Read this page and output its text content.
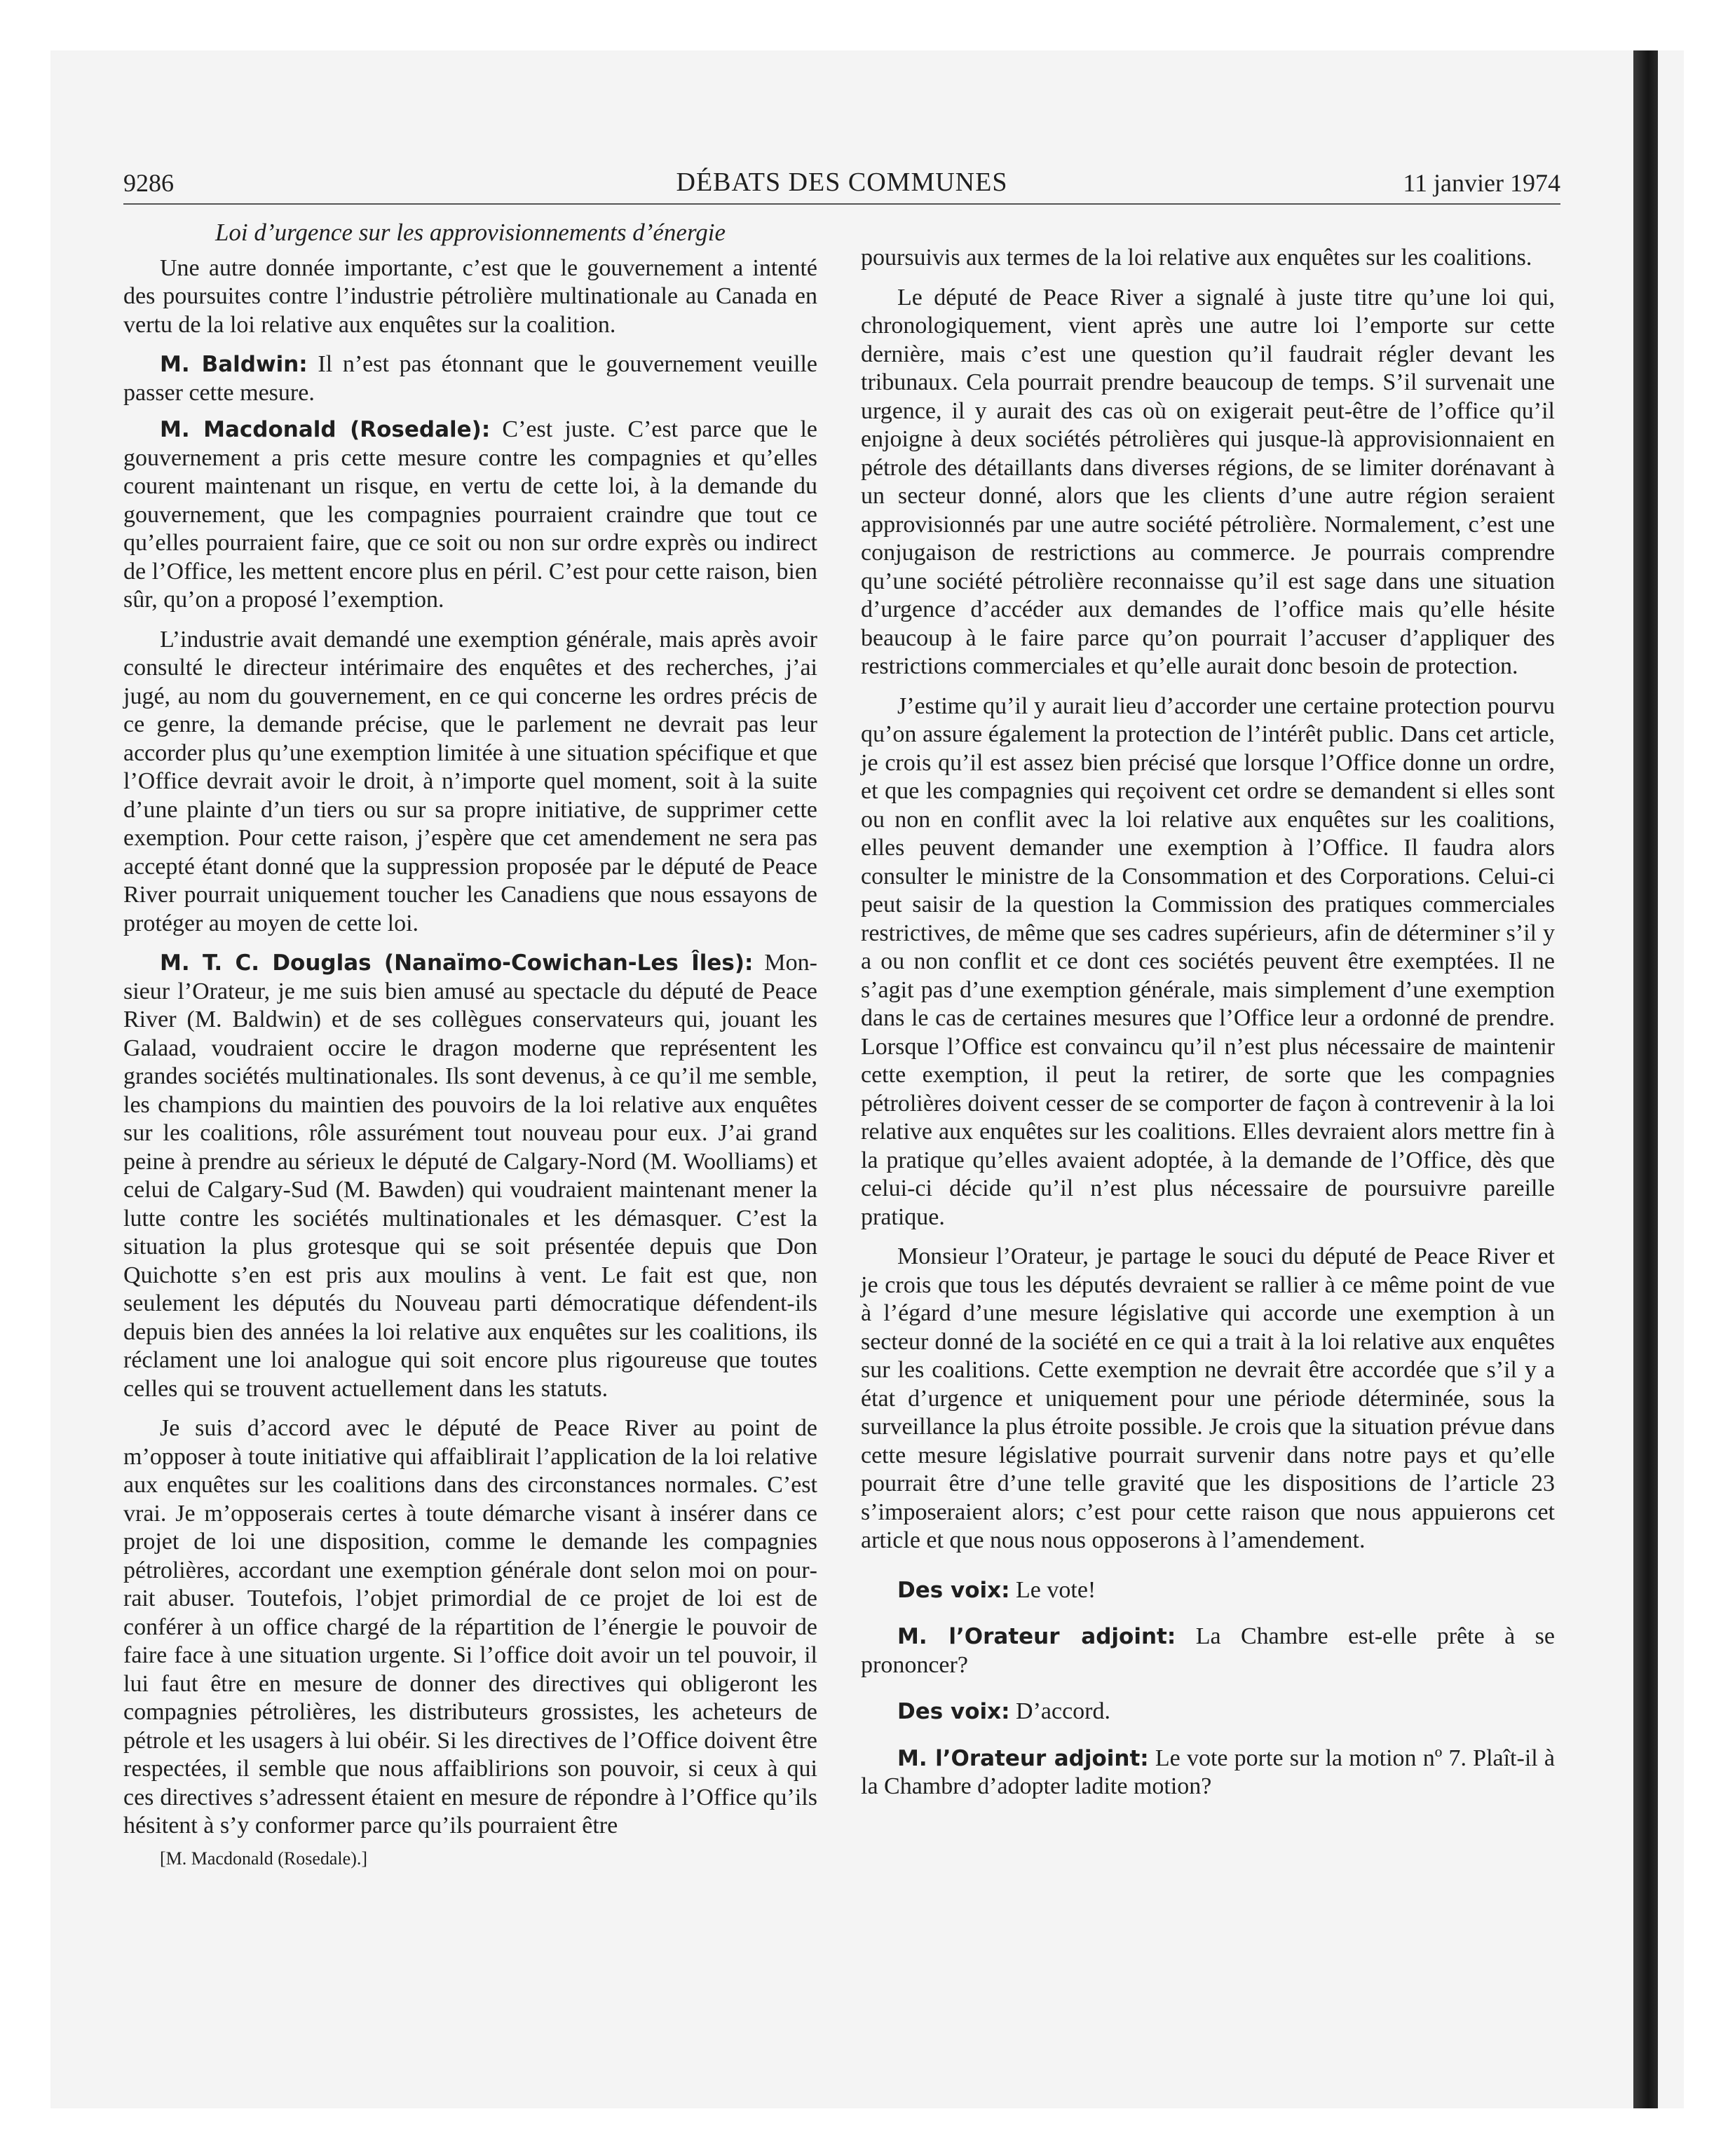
9286	DÉBATS DES COMMUNES	11 janvier 1974
Loi d’urgence sur les approvisionnements d’énergie

Une autre donnée importante, c’est que le gouvernement a intenté des poursuites contre l’industrie pétrolière multinationale au Canada en vertu de la loi relative aux enquêtes sur la coalition.

M. Baldwin: Il n’est pas étonnant que le gouvernement veuille passer cette mesure.

M. Macdonald (Rosedale): C’est juste. C’est parce que le gouvernement a pris cette mesure contre les compagnies et qu’elles courent maintenant un risque, en vertu de cette loi, à la demande du gouvernement, que les compagnies pourraient craindre que tout ce qu’elles pourraient faire, que ce soit ou non sur ordre exprès ou indirect de l’Office, les mettent encore plus en péril. C’est pour cette raison, bien sûr, qu’on a proposé l’exemption.

L’industrie avait demandé une exemption générale, mais après avoir consulté le directeur intérimaire des enquêtes et des recherches, j’ai jugé, au nom du gouvernement, en ce qui concerne les ordres précis de ce genre, la demande précise, que le parlement ne devrait pas leur accorder plus qu’une exemption limitée à une situation spécifique et que l’Office devrait avoir le droit, à n’importe quel moment, soit à la suite d’une plainte d’un tiers ou sur sa propre initiative, de supprimer cette exemption. Pour cette raison, j’espère que cet amendement ne sera pas accepté étant donné que la suppression proposée par le député de Peace River pourrait uniquement toucher les Canadiens que nous essayons de protéger au moyen de cette loi.

M. T. C. Douglas (Nanaïmo-Cowichan-Les Îles): Monsieur l’Orateur, je me suis bien amusé au spectacle du député de Peace River (M. Baldwin) et de ses collègues conservateurs qui, jouant les Galaad, voudraient occire le dragon moderne que représentent les grandes sociétés multinationales. Ils sont devenus, à ce qu’il me semble, les champions du maintien des pouvoirs de la loi relative aux enquêtes sur les coalitions, rôle assurément tout nouveau pour eux. J’ai grand peine à prendre au sérieux le député de Calgary-Nord (M. Woolliams) et celui de Calgary-Sud (M. Bawden) qui voudraient maintenant mener la lutte contre les sociétés multinationales et les démasquer. C’est la situation la plus grotesque qui se soit présentée depuis que Don Quichotte s’en est pris aux moulins à vent. Le fait est que, non seulement les députés du Nouveau parti démocratique défendent-ils depuis bien des années la loi relative aux enquêtes sur les coalitions, ils réclament une loi analogue qui soit encore plus rigoureuse que toutes celles qui se trouvent actuellement dans les statuts.

Je suis d’accord avec le député de Peace River au point de m’opposer à toute initiative qui affaiblirait l’application de la loi relative aux enquêtes sur les coalitions dans des circonstances normales. C’est vrai. Je m’opposerais certes à toute démarche visant à insérer dans ce projet de loi une disposition, comme le demande les compagnies pétrolières, accordant une exemption générale dont selon moi on pourrait abuser. Toutefois, l’objet primordial de ce projet de loi est de conférer à un office chargé de la répartition de l’énergie le pouvoir de faire face à une situation urgente. Si l’office doit avoir un tel pouvoir, il lui faut être en mesure de donner des directives qui obligeront les compagnies pétrolières, les distributeurs grossistes, les acheteurs de pétrole et les usagers à lui obéir. Si les directives de l’Office doivent être respectées, il semble que nous affaiblirions son pouvoir, si ceux à qui ces directives s’adressent étaient en mesure de répondre à l’Office qu’ils hésitent à s’y conformer parce qu’ils pourraient être

[M. Macdonald (Rosedale).]

poursuivis aux termes de la loi relative aux enquêtes sur les coalitions.

Le député de Peace River a signalé à juste titre qu’une loi qui, chronologiquement, vient après une autre loi l’emporte sur cette dernière, mais c’est une question qu’il faudrait régler devant les tribunaux. Cela pourrait prendre beaucoup de temps. S’il survenait une urgence, il y aurait des cas où on exigerait peut-être de l’office qu’il enjoigne à deux sociétés pétrolières qui jusque-là approvisionnaient en pétrole des détaillants dans diverses régions, de se limiter dorénavant à un secteur donné, alors que les clients d’une autre région seraient approvisionnés par une autre société pétrolière. Normalement, c’est une conjugaison de restrictions au commerce. Je pourrais comprendre qu’une société pétrolière reconnaisse qu’il est sage dans une situation d’urgence d’accéder aux demandes de l’office mais qu’elle hésite beaucoup à le faire parce qu’on pourrait l’accuser d’appliquer des restrictions commerciales et qu’elle aurait donc besoin de protection.

J’estime qu’il y aurait lieu d’accorder une certaine protection pourvu qu’on assure également la protection de l’intérêt public. Dans cet article, je crois qu’il est assez bien précisé que lorsque l’Office donne un ordre, et que les compagnies qui reçoivent cet ordre se demandent si elles sont ou non en conflit avec la loi relative aux enquêtes sur les coalitions, elles peuvent demander une exemption à l’Office. Il faudra alors consulter le ministre de la Consommation et des Corporations. Celui-ci peut saisir de la question la Commission des pratiques commerciales restrictives, de même que ses cadres supérieurs, afin de déterminer s’il y a ou non conflit et ce dont ces sociétés peuvent être exemptées. Il ne s’agit pas d’une exemption générale, mais simplement d’une exemption dans le cas de certaines mesures que l’Office leur a ordonné de prendre. Lorsque l’Office est convaincu qu’il n’est plus nécessaire de maintenir cette exemption, il peut la retirer, de sorte que les compagnies pétrolières doivent cesser de se comporter de façon à contrevenir à la loi relative aux enquêtes sur les coalitions. Elles devraient alors mettre fin à la pratique qu’elles avaient adoptée, à la demande de l’Office, dès que celui-ci décide qu’il n’est plus nécessaire de poursuivre pareille pratique.

Monsieur l’Orateur, je partage le souci du député de Peace River et je crois que tous les députés devraient se rallier à ce même point de vue à l’égard d’une mesure législative qui accorde une exemption à un secteur donné de la société en ce qui a trait à la loi relative aux enquêtes sur les coalitions. Cette exemption ne devrait être accordée que s’il y a état d’urgence et uniquement pour une période déterminée, sous la surveillance la plus étroite possible. Je crois que la situation prévue dans cette mesure législative pourrait survenir dans notre pays et qu’elle pourrait être d’une telle gravité que les dispositions de l’article 23 s’imposeraient alors; c’est pour cette raison que nous appuierons cet article et que nous nous opposerons à l’amendement.

Des voix: Le vote!

M. l’Orateur adjoint: La Chambre est-elle prête à se prononcer?

Des voix: D’accord.

M. l’Orateur adjoint: Le vote porte sur la motion nº 7. Plaît-il à la Chambre d’adopter ladite motion?
